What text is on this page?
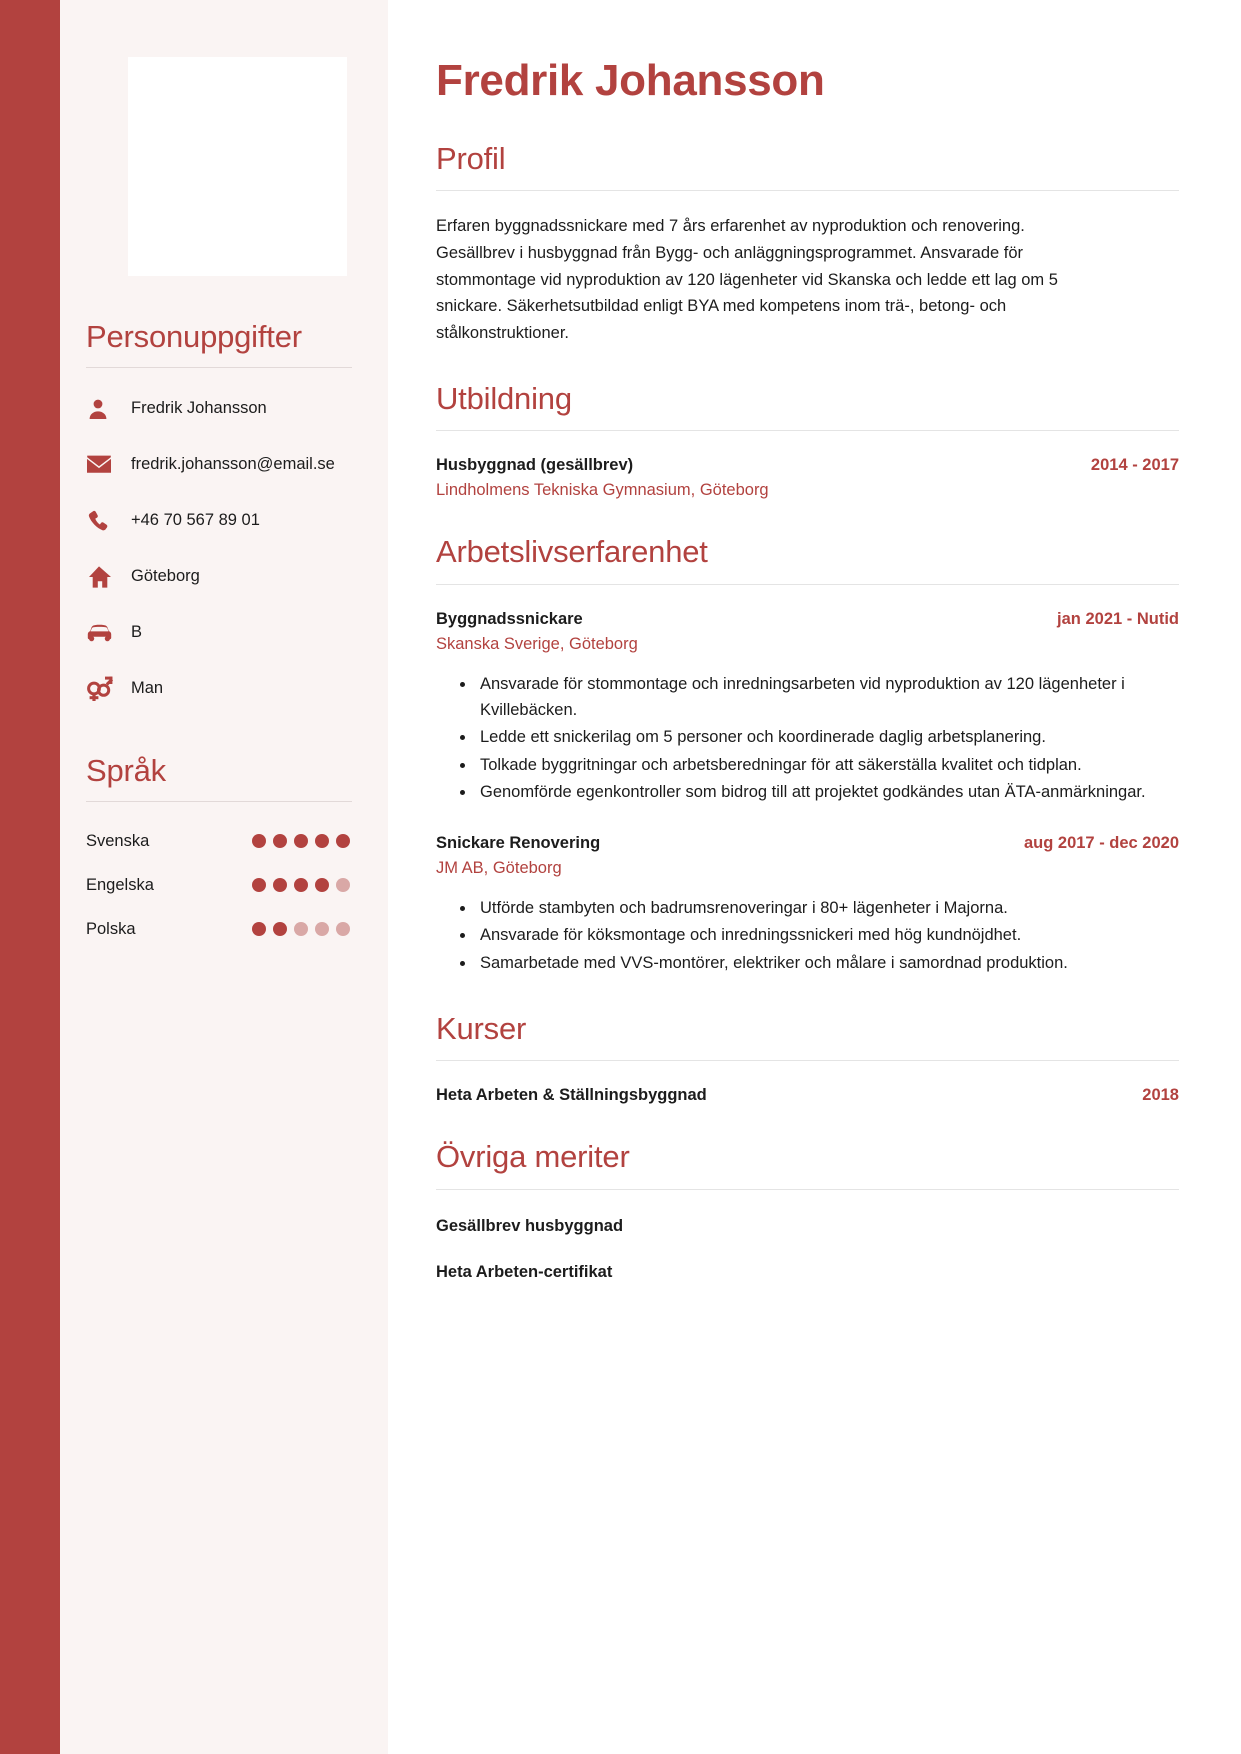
Personuppgifter
Fredrik Johansson
fredrik.johansson@email.se
+46 70 567 89 01
Göteborg
B
Man
Språk
Svenska
Engelska
Polska
Fredrik Johansson
Profil

Erfaren byggnadssnickare med 7 års erfarenhet av nyproduktion och renovering. Gesällbrev i husbyggnad från Bygg- och anläggningsprogrammet. Ansvarade för stommontage vid nyproduktion av 120 lägenheter vid Skanska och ledde ett lag om 5 snickare. Säkerhetsutbildad enligt BYA med kompetens inom trä-, betong- och stålkonstruktioner.

Utbildning
Husbyggnad (gesällbrev)	2014 - 2017
Lindholmens Tekniska Gymnasium, Göteborg
Arbetslivserfarenhet
Byggnadssnickare	jan 2021 - Nutid
Skanska Sverige, Göteborg
• Ansvarade för stommontage och inredningsarbeten vid nyproduktion av 120 lägenheter i Kvillebäcken.
• Ledde ett snickerilag om 5 personer och koordinerade daglig arbetsplanering.
• Tolkade byggritningar och arbetsberedningar för att säkerställa kvalitet och tidplan.
• Genomförde egenkontroller som bidrog till att projektet godkändes utan ÄTA-anmärkningar.
Snickare Renovering	aug 2017 - dec 2020
JM AB, Göteborg
• Utförde stambyten och badrumsrenoveringar i 80+ lägenheter i Majorna.
• Ansvarade för köksmontage och inredningssnickeri med hög kundnöjdhet.
• Samarbetade med VVS-montörer, elektriker och målare i samordnad produktion.
Kurser
Heta Arbeten & Ställningsbyggnad	2018
Övriga meriter
Gesällbrev husbyggnad
Heta Arbeten-certifikat
